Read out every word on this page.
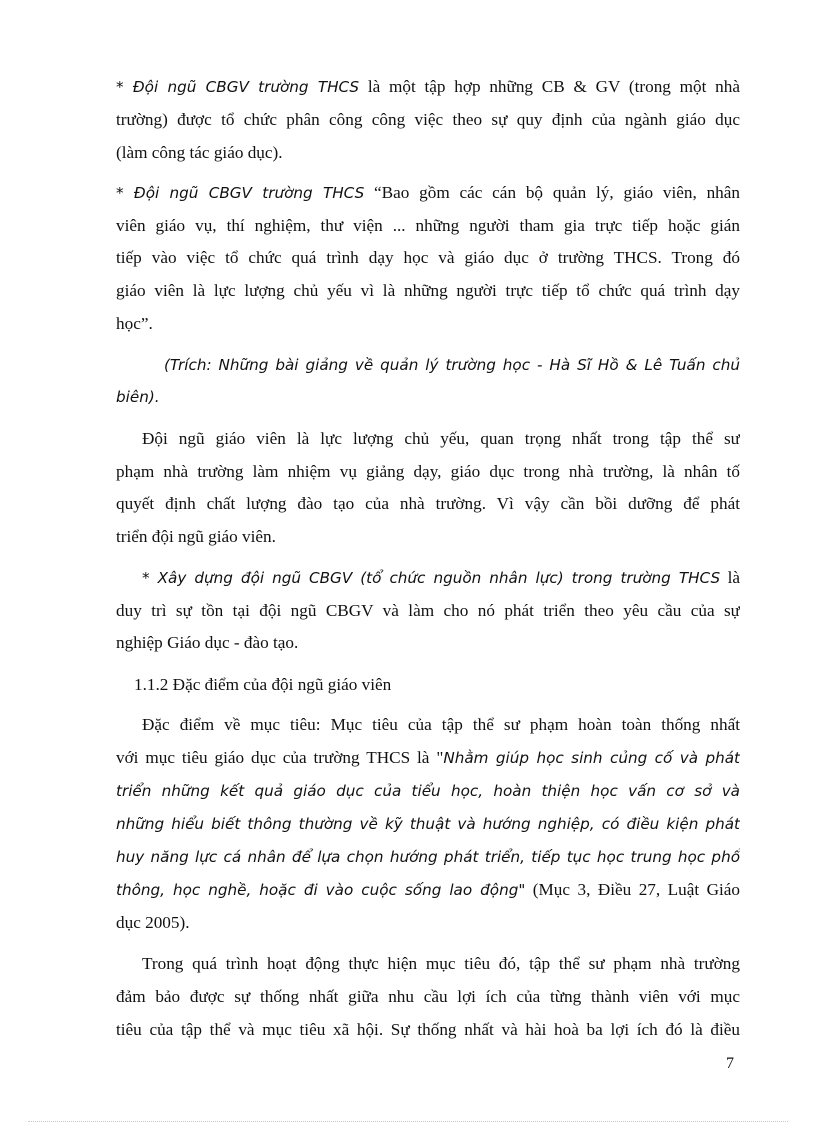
* Đội ngũ CBGV trường THCS là một tập hợp những CB & GV (trong một nhà
trường) được tổ chức phân công công việc theo sự quy định của ngành giáo dục
(làm công tác giáo dục).
* Đội ngũ CBGV trường THCS “Bao gồm các cán bộ quản lý, giáo viên, nhân
viên giáo vụ, thí nghiệm, thư viện ... những người tham gia trực tiếp hoặc gián
tiếp vào việc tổ chức quá trình dạy học và giáo dục ở trường THCS. Trong đó
giáo viên là lực lượng chủ yếu vì là những người trực tiếp tổ chức quá trình dạy
học”.
(Trích: Những bài giảng về quản lý trường học - Hà Sĩ Hồ & Lê Tuấn chủ
biên).
Đội ngũ giáo viên là lực lượng chủ yếu, quan trọng nhất trong tập thể sư
phạm nhà trường làm nhiệm vụ giảng dạy, giáo dục trong nhà trường, là nhân tố
quyết định chất lượng đào tạo của nhà trường. Vì vậy cần bồi dưỡng để phát
triển đội ngũ giáo viên.
* Xây dựng đội ngũ CBGV (tổ chức nguồn nhân lực) trong trường THCS là
duy trì sự tồn tại đội ngũ CBGV và làm cho nó phát triển theo yêu cầu của sự
nghiệp Giáo dục - đào tạo.
1.1.2 Đặc điểm của đội ngũ giáo viên
Đặc điểm về mục tiêu: Mục tiêu của tập thể sư phạm hoàn toàn thống nhất
với mục tiêu giáo dục của trường THCS là "Nhằm giúp học sinh củng cố và phát
triển những kết quả giáo dục của tiểu học, hoàn thiện học vấn cơ sở và
những hiểu biết thông thường về kỹ thuật và hướng nghiệp, có điều kiện phát
huy năng lực cá nhân để lựa chọn hướng phát triển, tiếp tục học trung học phổ
thông, học nghề, hoặc đi vào cuộc sống lao động" (Mục 3, Điều 27, Luật Giáo
dục 2005).
Trong quá trình hoạt động thực hiện mục tiêu đó, tập thể sư phạm nhà trường
đảm bảo được sự thống nhất giữa nhu cầu lợi ích của từng thành viên với mục
tiêu của tập thể và mục tiêu xã hội. Sự thống nhất và hài hoà ba lợi ích đó là điều
7
